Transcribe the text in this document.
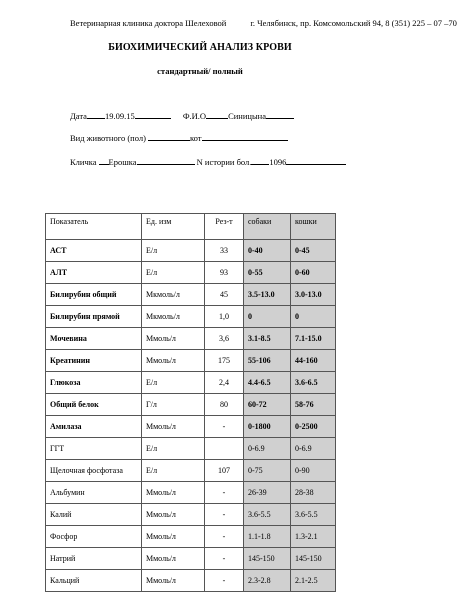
Ветеринарная клиника доктора Шелеховой	г. Челябинск, пр. Комсомольский 94, 8 (351) 225 – 07 –70
БИОХИМИЧЕСКИЙ АНАЛИЗ КРОВИ
стандартный/ полный
Дата 19.09.15	Ф.И.О	Синицына
Вид животного (пол)	кот
Кличка Ерошка	N истории бол. 1096
Показатель	Ед. изм	Рез-т	собаки	кошки
АСТ	Е/л	33	0-40	0-45
АЛТ	Е/л	93	0-55	0-60
Билирубин общий	Мкмоль/л	45	3.5-13.0	3.0-13.0
Билирубин прямой	Мкмоль/л	1,0	0	0
Мочевина	Ммоль/л	3,6	3.1-8.5	7.1-15.0
Креатинин	Ммоль/л	175	55-106	44-160
Глюкоза	Е/л	2,4	4.4-6.5	3.6-6.5
Общий белок	Г/л	80	60-72	58-76
Амилаза	Ммоль/л	-	0-1800	0-2500
ГГТ	Е/л		0-6.9	0-6.9
Щелочная фосфотаза	Е/л	107	0-75	0-90
Альбумин	Ммоль/л	-	26-39	28-38
Калий	Ммоль/л	-	3.6-5.5	3.6-5.5
Фосфор	Ммоль/л	-	1.1-1.8	1.3-2.1
Натрий	Ммоль/л	-	145-150	145-150
Кальций	Ммоль/л	-	2.3-2.8	2.1-2.5
